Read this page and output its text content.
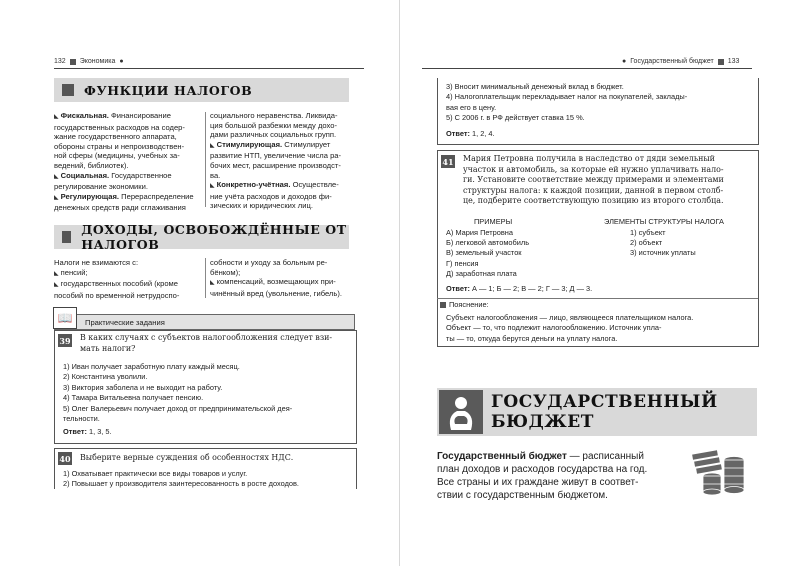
132 Экономика ●
ФУНКЦИИ НАЛОГОВ

◣ Фискальная. Финансирование

государственных расходов на содер-

жание государственного аппарата,

обороны страны и непроизводствен-

ной сферы (медицины, учебных за-

ведений, библиотек).

◣ Социальная. Государственное

регулирование экономики.

◣ Регулирующая. Перераспределение

денежных средств ради сглаживания

социального неравенства. Ликвида-

ция большой разбежки между дохо-

дами различных социальных групп.

◣ Стимулирующая. Стимулирует

развитие НТП, увеличение числа ра-

бочих мест, расширение производст-

ва.

◣ Конкретно-учётная. Осуществле-

ние учёта расходов и доходов фи-

зических и юридических лиц.

ДОХОДЫ, ОСВОБОЖДЁННЫЕ ОТ НАЛОГОВ

Налоги не взимаются с:

◣ пенсий;

◣ государственных пособий (кроме

пособий по временной нетрудоспо-

собности и уходу за больным ре-

бёнком);

◣ компенсаций, возмещающих при-

чинённый вред (увольнение, гибель).

📖	Практические задания
39 В каких случаях с субъектов налогообложения следует взи-
мать налоги?
1) Иван получает заработную плату каждый месяц.
2) Константина уволили.
3) Виктория заболела и не выходит на работу.
4) Тамара Витальевна получает пенсию.
5) Олег Валерьевич получает доход от предпринимательской дея-
тельности.
Ответ: 1, 3, 5.
40 Выберите верные суждения об особенностях НДС.
1) Охватывает практически все виды товаров и услуг.
2) Повышает у производителя заинтересованность в росте доходов.
● Государственный бюджет 133
3) Вносит минимальный денежный вклад в бюджет.
4) Налогоплательщик перекладывает налог на покупателей, заклады-
вая его в цену.
5) С 2006 г. в РФ действует ставка 15 %.
Ответ: 1, 2, 4.
41 Мария Петровна получила в наследство от дяди земельный
участок и автомобиль, за которые ей нужно уплачивать нало-
ги. Установите соответствие между примерами и элементами
структуры налога: к каждой позиции, данной в первом столб-
це, подберите соответствующую позицию из второго столбца.
ПРИМЕРЫ	ЭЛЕМЕНТЫ СТРУКТУРЫ НАЛОГА
А) Мария Петровна
Б) легковой автомобиль
В) земельный участок
Г) пенсия
Д) заработная плата
1) субъект
2) объект
3) источник уплаты
Ответ: А — 1; Б — 2; В — 2; Г — 3; Д — 3.
Пояснение:
Субъект налогообложения — лицо, являющееся плательщиком налога.
Объект — то, что подлежит налогообложению. Источник упла-
ты — то, откуда берутся деньги на уплату налога.
ГОСУДАРСТВЕННЫЙ БЮДЖЕТ
Государственный бюджет — расписанный
план доходов и расходов государства на год.
Все страны и их граждане живут в соответ-
ствии с государственным бюджетом.
